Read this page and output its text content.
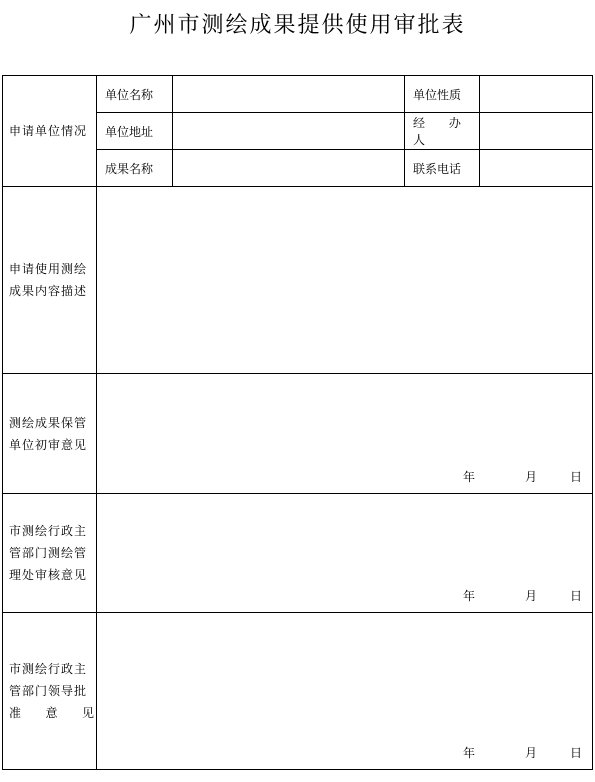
广州市测绘成果提供使用审批表
申请单位情况	单位名称		单位性质	
	单位地址		经 办 人	
	成果名称		联系电话	

申请使用测绘
成果内容描述				

测绘成果保管
单位初审意见	年 月 日			

市测绘行政主
管部门测绘管
理处审核意见	年 月 日			

市测绘行政主
管部门领导批
准 意 见	年 月 日			
